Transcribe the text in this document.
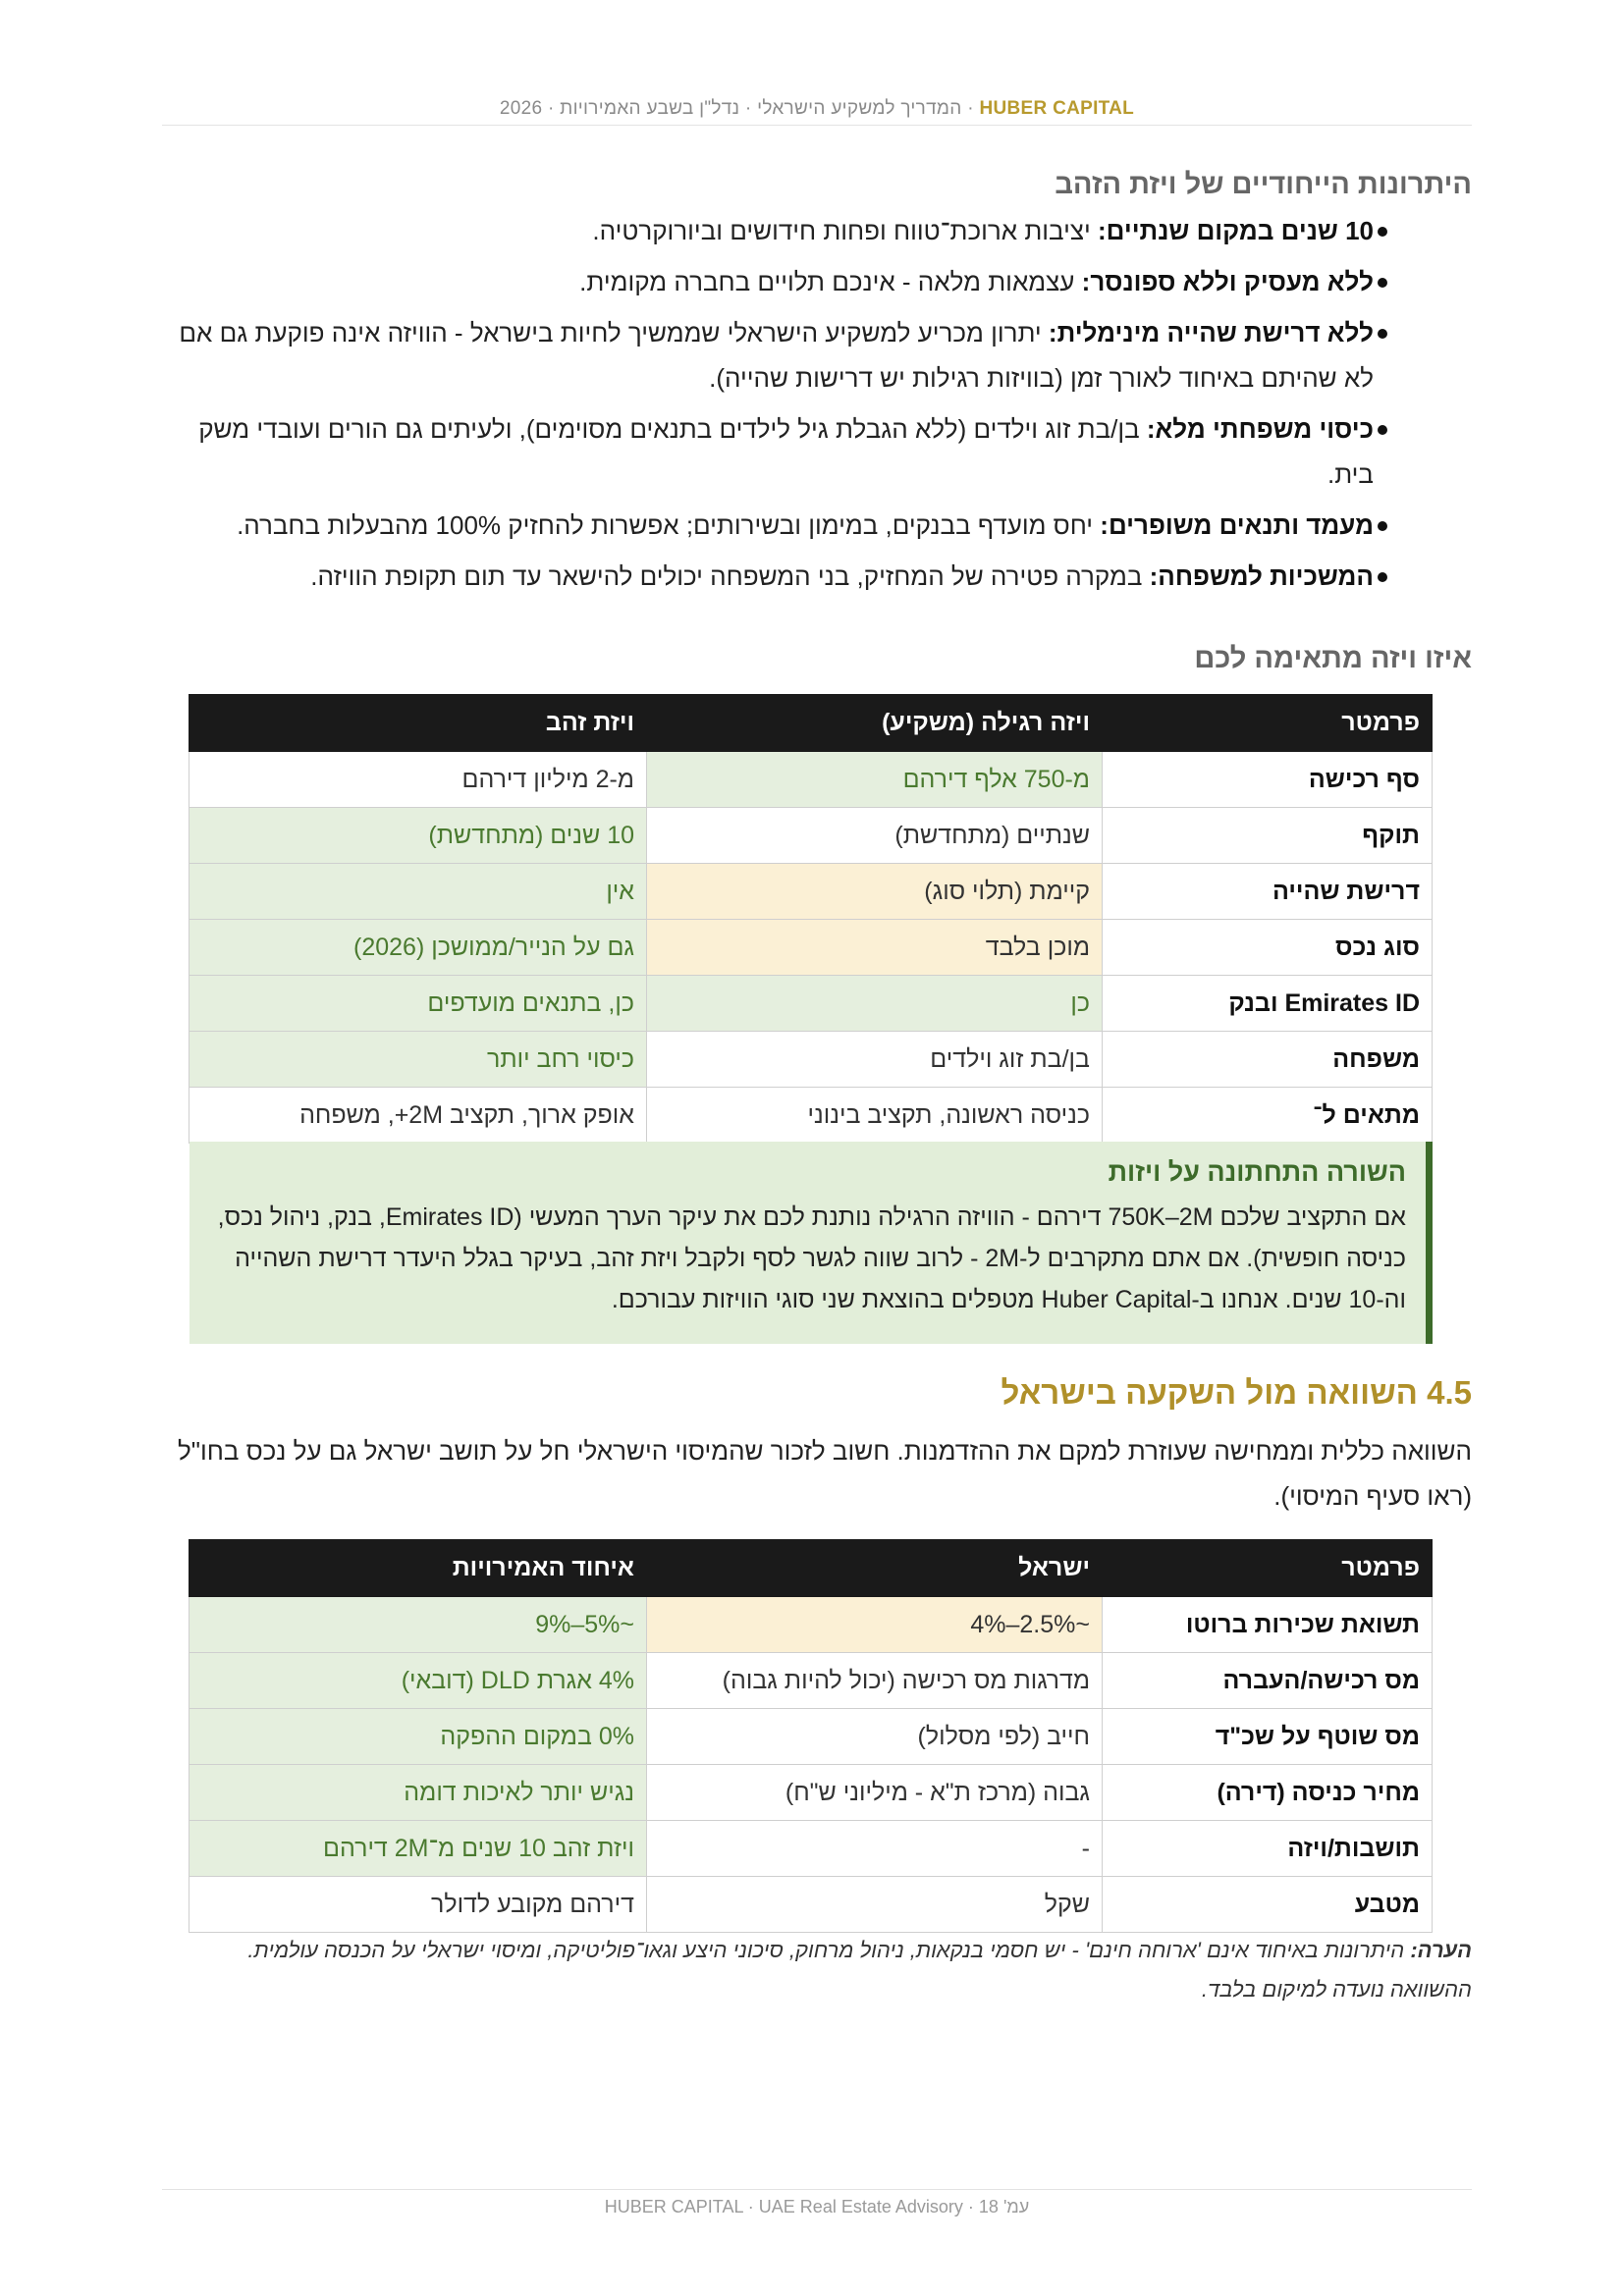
HUBER CAPITAL · המדריך למשקיע הישראלי · נדל"ן בשבע האמירויות · 2026
היתרונות הייחודיים של ויזת הזהב
10 שנים במקום שנתיים: יציבות ארוכת־טווח ופחות חידושים וביורוקרטיה.
ללא מעסיק וללא ספונסר: עצמאות מלאה - אינכם תלויים בחברה מקומית.
ללא דרישת שהייה מינימלית: יתרון מכריע למשקיע הישראלי שממשיך לחיות בישראל - הוויזה אינה פוקעת גם אם לא שהיתם באיחוד לאורך זמן (בוויזות רגילות יש דרישות שהייה).
כיסוי משפחתי מלא: בן/בת זוג וילדים (ללא הגבלת גיל לילדים בתנאים מסוימים), ולעיתים גם הורים ועובדי משק בית.
מעמד ותנאים משופרים: יחס מועדף בבנקים, במימון ובשירותים; אפשרות להחזיק 100% מהבעלות בחברה.
המשכיות למשפחה: במקרה פטירה של המחזיק, בני המשפחה יכולים להישאר עד תום תקופת הוויזה.
איזו ויזה מתאימה לכם
פרמטר	ויזה רגילה (משקיע)	ויזת זהב
סף רכישה	מ-750 אלף דירהם	מ-2 מיליון דירהם
תוקף	שנתיים (מתחדשת)	10 שנים (מתחדשת)
דרישת שהייה	קיימת (תלוי סוג)	אין
סוג נכס	מוכן בלבד	גם על הנייר/ממושכן (2026)
Emirates ID ובנק	כן	כן, בתנאים מועדפים
משפחה	בן/בת זוג וילדים	כיסוי רחב יותר
מתאים ל־	כניסה ראשונה, תקציב בינוני	אופק ארוך, תקציב 2M+, משפחה
השורה התחתונה על ויזות
אם התקציב שלכם 750K–2M דירהם - הוויזה הרגילה נותנת לכם את עיקר הערך המעשי (Emirates ID, בנק, ניהול נכס, כניסה חופשית). אם אתם מתקרבים ל-2M - לרוב שווה לגשר לסף ולקבל ויזת זהב, בעיקר בגלל היעדר דרישת השהייה וה-10 שנים. אנחנו ב-Huber Capital מטפלים בהוצאת שני סוגי הוויזות עבורכם.
4.5 השוואה מול השקעה בישראל
השוואה כללית וממחישה שעוזרת למקם את ההזדמנות. חשוב לזכור שהמיסוי הישראלי חל על תושב ישראל גם על נכס בחו"ל (ראו סעיף המיסוי).
פרמטר	ישראל	איחוד האמירויות
תשואת שכירות ברוטו	~2.5%–4%	~5%–9%
מס רכישה/העברה	מדרגות מס רכישה (יכול להיות גבוה)	4% אגרת DLD (דובאי)
מס שוטף על שכ"ד	חייב (לפי מסלול)	0% במקום ההפקה
מחיר כניסה (דירה)	גבוה (מרכז ת"א - מיליוני ש"ח)	נגיש יותר לאיכות דומה
תושבות/ויזה	-	ויזת זהב 10 שנים מ־2M דירהם
מטבע	שקל	דירהם מקובע לדולר
הערה: היתרונות באיחוד אינם 'ארוחה חינם' - יש חסמי בנקאות, ניהול מרחוק, סיכוני היצע וגאו־פוליטיקה, ומיסוי ישראלי על הכנסה עולמית. ההשוואה נועדה למיקום בלבד.
עמ' 18 · HUBER CAPITAL · UAE Real Estate Advisory
